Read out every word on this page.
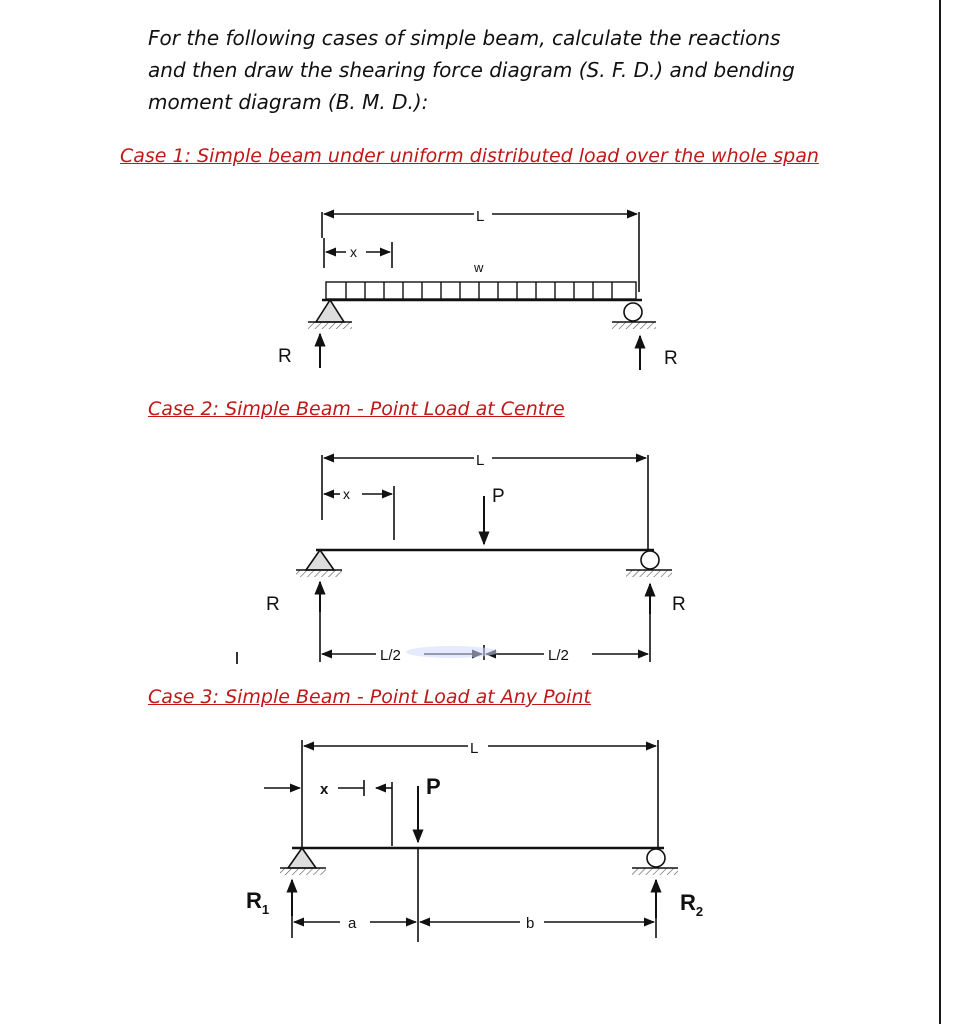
For the following cases of simple beam, calculate the reactions
and then draw the shearing force diagram (S. F. D.) and bending
moment diagram (B. M. D.):
Case 1: Simple beam under uniform distributed load over the whole span
Case 2: Simple Beam - Point Load at Centre
Case 3: Simple Beam - Point Load at Any Point
L
x
w
R	R
L
x	P
R	R
L/2	L/2
L
x	P
$R_1$	$R_2$
a	b
